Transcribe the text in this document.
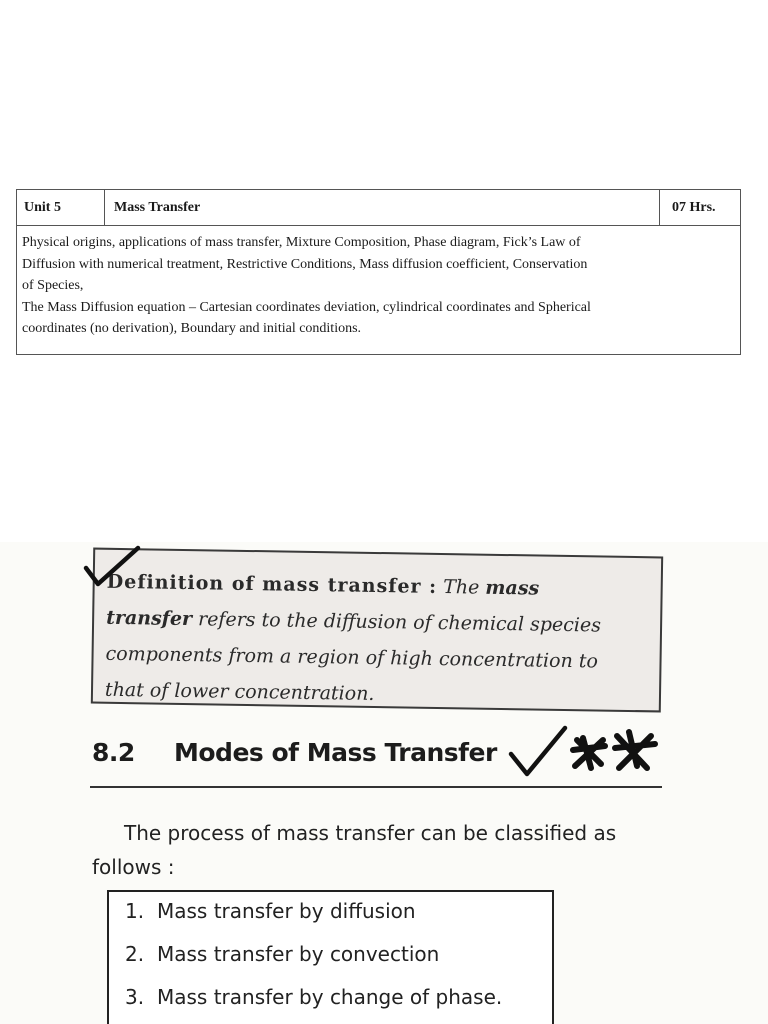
Unit 5	Mass Transfer	07 Hrs.
Physical origins, applications of mass transfer, Mixture Composition, Phase diagram, Fick’s Law of
Diffusion with numerical treatment, Restrictive Conditions, Mass diffusion coefficient, Conservation
of Species,
The Mass Diffusion equation – Cartesian coordinates deviation, cylindrical coordinates and Spherical
coordinates (no derivation), Boundary and initial conditions.
Definition of mass transfer : The mass
transfer refers to the diffusion of chemical species
components from a region of high concentration to
that of lower concentration.
8.2 Modes of Mass Transfer
The process of mass transfer can be classified as
follows :
1. Mass transfer by diffusion
2. Mass transfer by convection
3. Mass transfer by change of phase.
